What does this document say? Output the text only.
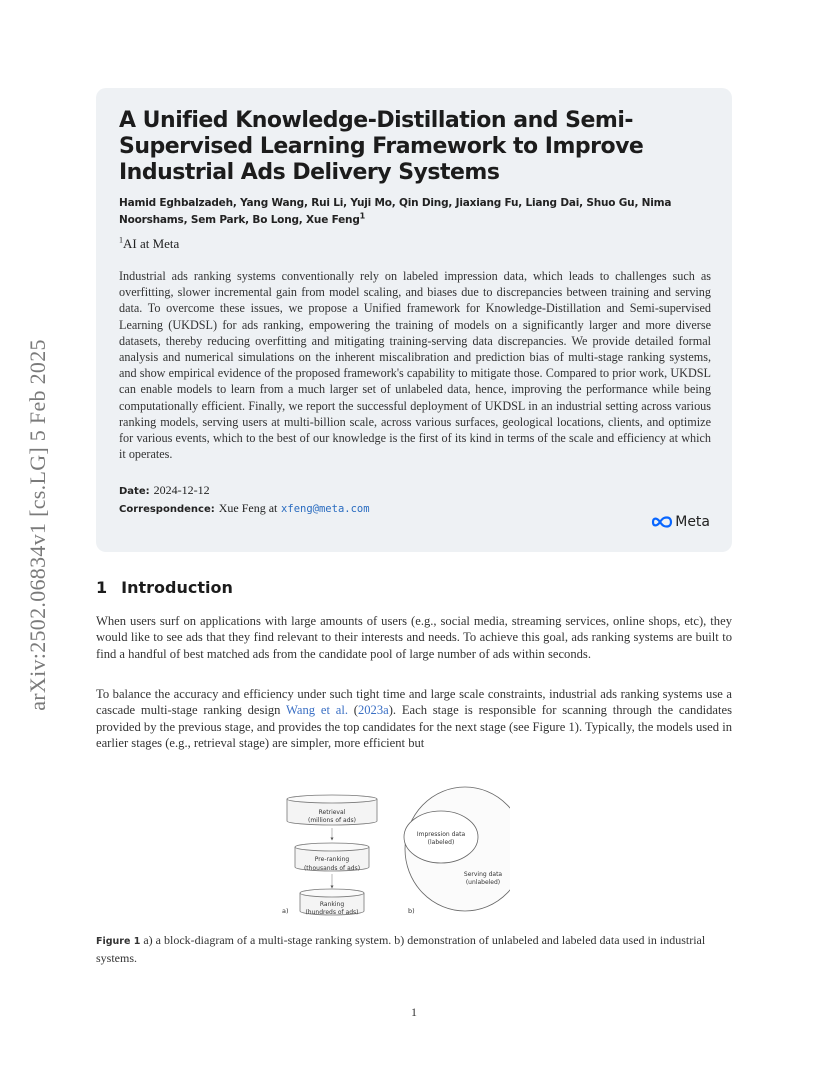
arXiv:2502.06834v1 [cs.LG] 5 Feb 2025
A Unified Knowledge-Distillation and Semi-Supervised Learning Framework to Improve Industrial Ads Delivery Systems
Hamid Eghbalzadeh, Yang Wang, Rui Li, Yuji Mo, Qin Ding, Jiaxiang Fu, Liang Dai, Shuo Gu, Nima Noorshams, Sem Park, Bo Long, Xue Feng$^1$
$^1$AI at Meta
Industrial ads ranking systems conventionally rely on labeled impression data, which leads to challenges such as overfitting, slower incremental gain from model scaling, and biases due to discrepancies between training and serving data. To overcome these issues, we propose a Unified framework for Knowledge-Distillation and Semi-supervised Learning (UKDSL) for ads ranking, empowering the training of models on a significantly larger and more diverse datasets, thereby reducing overfitting and mitigating training-serving data discrepancies. We provide detailed formal analysis and numerical simulations on the inherent miscalibration and prediction bias of multi-stage ranking systems, and show empirical evidence of the proposed framework's capability to mitigate those. Compared to prior work, UKDSL can enable models to learn from a much larger set of unlabeled data, hence, improving the performance while being computationally efficient. Finally, we report the successful deployment of UKDSL in an industrial setting across various ranking models, serving users at multi-billion scale, across various surfaces, geological locations, clients, and optimize for various events, which to the best of our knowledge is the first of its kind in terms of the scale and efficiency at which it operates.
Date: 2024-12-12
Correspondence: Xue Feng at xfeng@meta.com
Meta
1 Introduction

When users surf on applications with large amounts of users (e.g., social media, streaming services, online shops, etc), they would like to see ads that they find relevant to their interests and needs. To achieve this goal, ads ranking systems are built to find a handful of best matched ads from the candidate pool of large number of ads within seconds.

To balance the accuracy and efficiency under such tight time and large scale constraints, industrial ads ranking systems use a cascade multi-stage ranking design Wang et al. (2023a). Each stage is responsible for scanning through the candidates provided by the previous stage, and provides the top candidates for the next stage (see Figure 1). Typically, the models used in earlier stages (e.g., retrieval stage) are simpler, more efficient but

Retrieval
(millions of ads)
Pre-ranking
(thousands of ads)
Ranking
(hundreds of ads)
a)
Serving data
(unlabeled)
Impression data
(labeled)
b)
Figure 1 a) a block-diagram of a multi-stage ranking system. b) demonstration of unlabeled and labeled data used in industrial systems.
1
